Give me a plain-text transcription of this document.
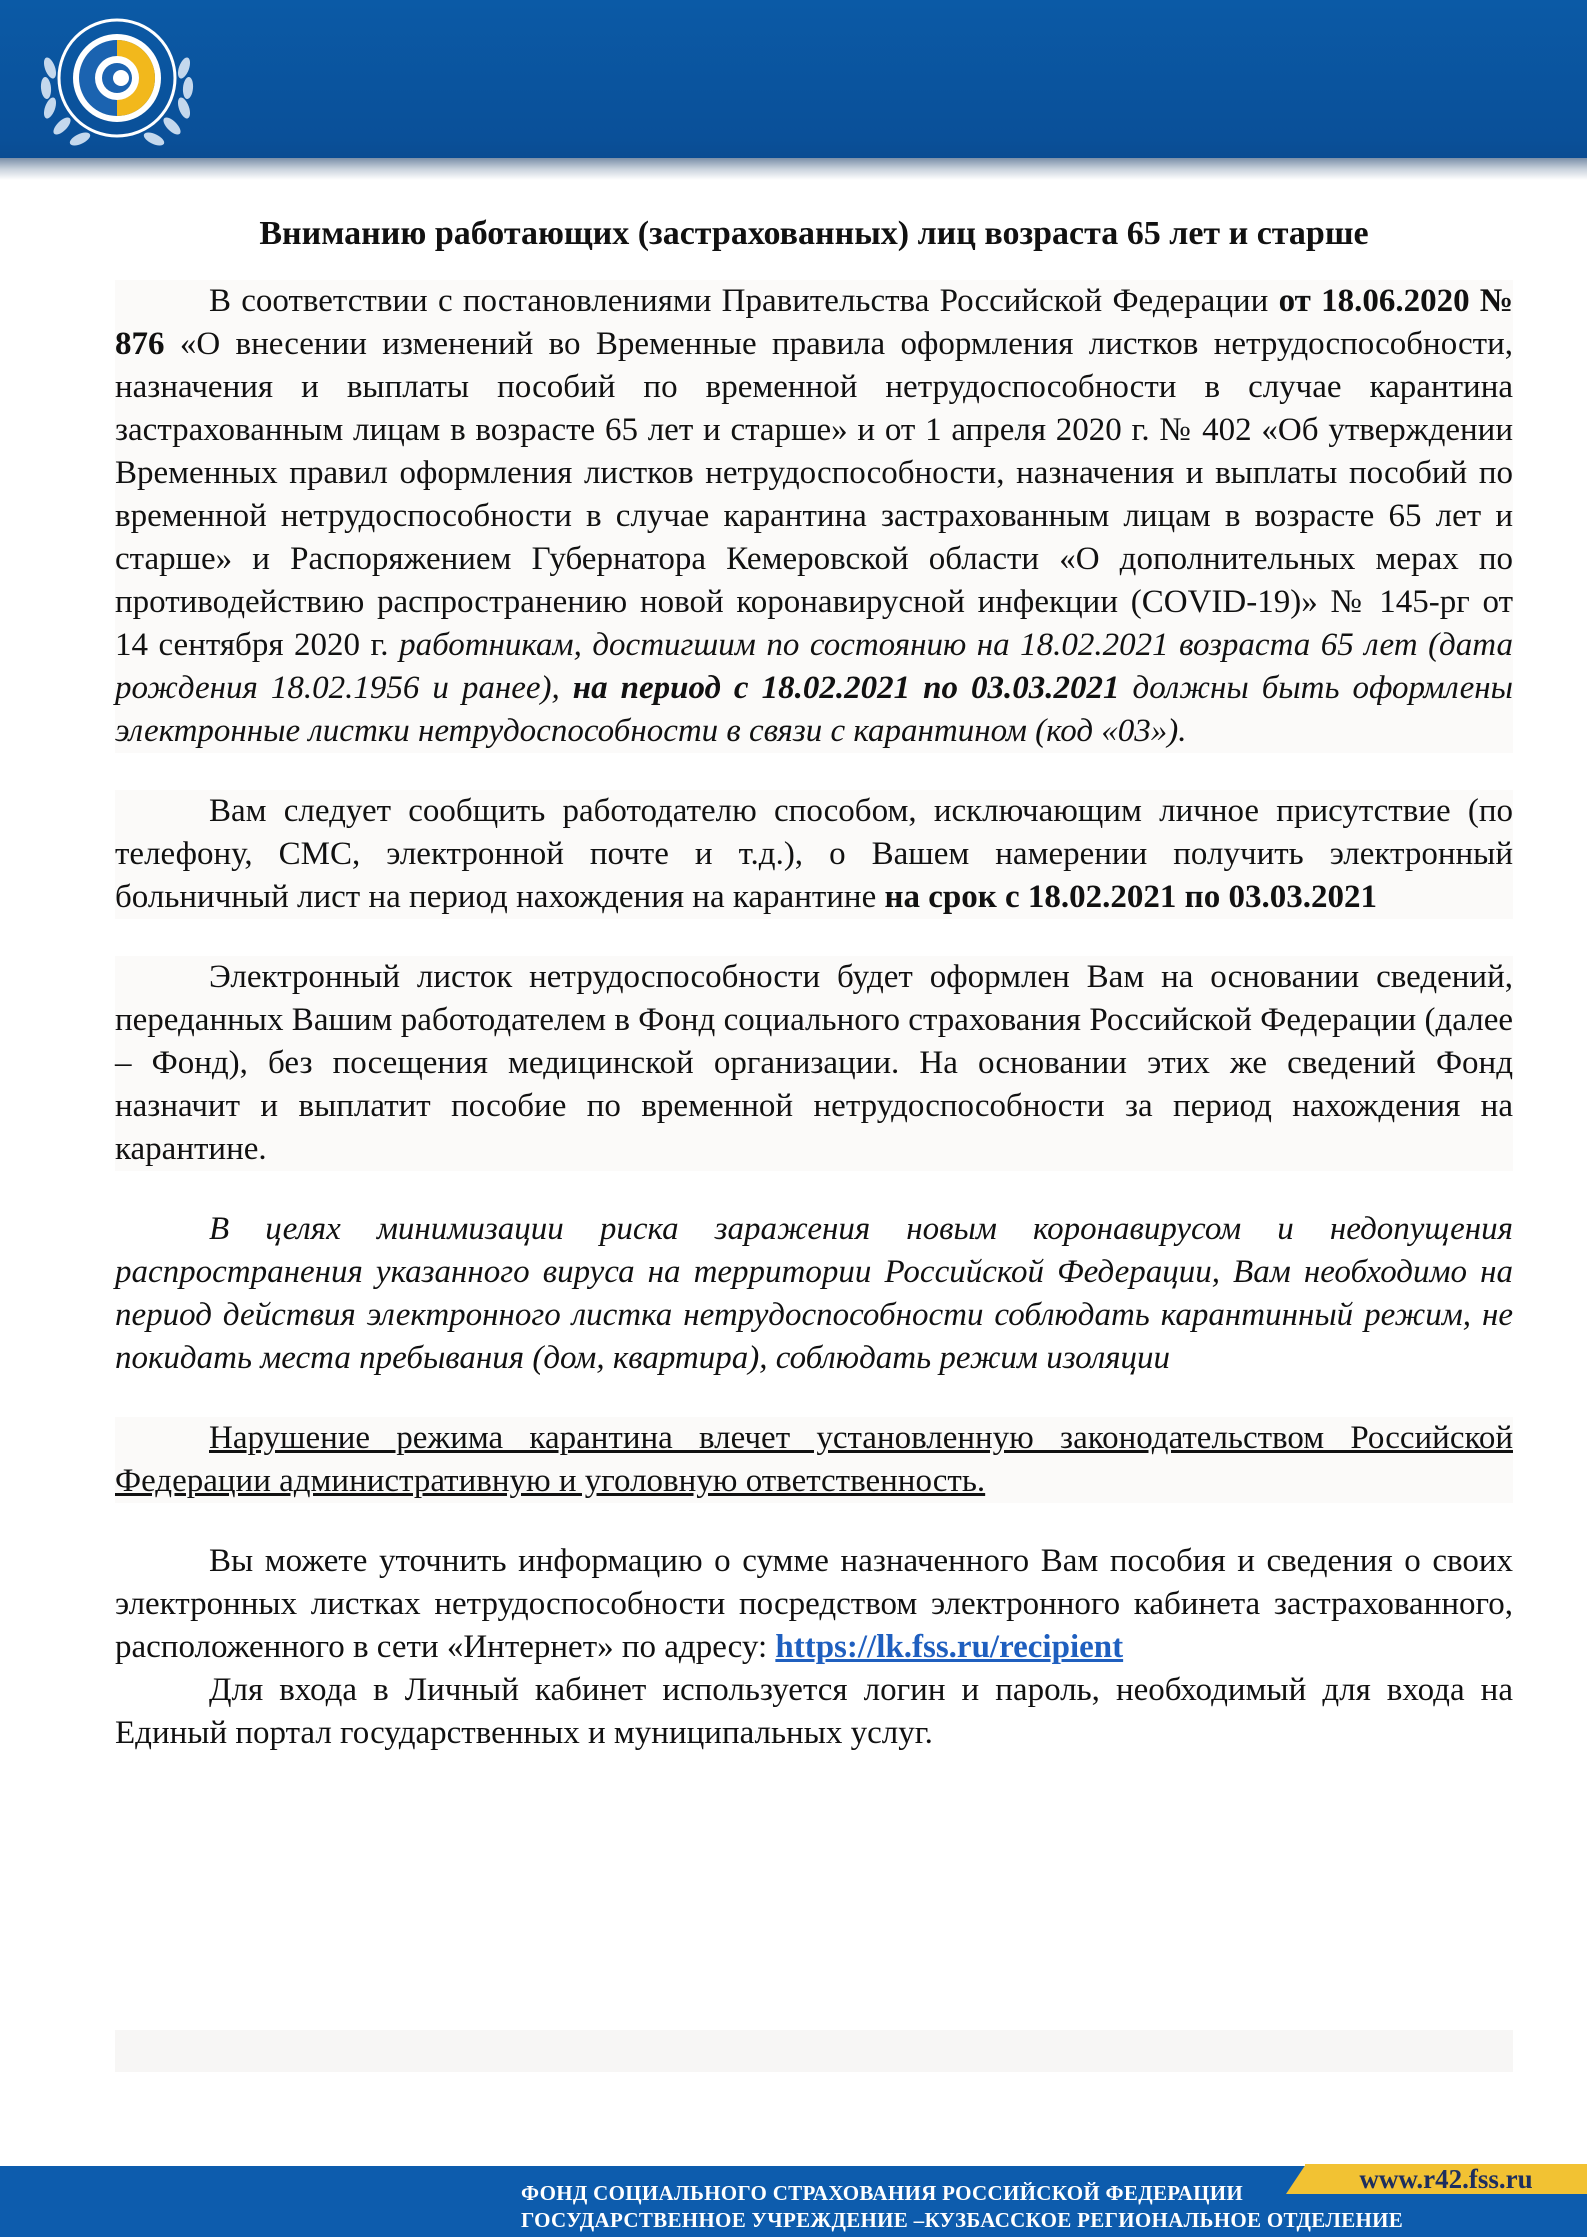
Вниманию работающих (застрахованных) лиц возраста 65 лет и старше

В соответствии с постановлениями Правительства Российской Федерации от 18.06.2020 № 876 «О внесении изменений во Временные правила оформления листков нетрудоспособности, назначения и выплаты пособий по временной нетрудоспособности в случае карантина застрахованным лицам в возрасте 65 лет и старше» и от 1 апреля 2020 г. № 402 «Об утверждении Временных правил оформления листков нетрудоспособности, назначения и выплаты пособий по временной нетрудоспособности в случае карантина застрахованным лицам в возрасте 65 лет и старше» и Распоряжением Губернатора Кемеровской области «О дополнительных мерах по противодействию распространению новой коронавирусной инфекции (COVID-19)» № 145-рг от 14 сентября 2020 г. работникам, достигшим по состоянию на 18.02.2021 возраста 65 лет (дата рождения 18.02.1956 и ранее), на период с 18.02.2021 по 03.03.2021 должны быть оформлены электронные листки нетрудоспособности в связи с карантином (код «03»).

Вам следует сообщить работодателю способом, исключающим личное присутствие (по телефону, СМС, электронной почте и т.д.), о Вашем намерении получить электронный больничный лист на период нахождения на карантине на срок с 18.02.2021 по 03.03.2021

Электронный листок нетрудоспособности будет оформлен Вам на основании сведений, переданных Вашим работодателем в Фонд социального страхования Российской Федерации (далее – Фонд), без посещения медицинской организации. На основании этих же сведений Фонд назначит и выплатит пособие по временной нетрудоспособности за период нахождения на карантине.

В целях минимизации риска заражения новым коронавирусом и недопущения распространения указанного вируса на территории Российской Федерации, Вам необходимо на период действия электронного листка нетрудоспособности соблюдать карантинный режим, не покидать места пребывания (дом, квартира), соблюдать режим изоляции

Нарушение режима карантина влечет установленную законодательством Российской Федерации административную и уголовную ответственность.

Вы можете уточнить информацию о сумме назначенного Вам пособия и сведения о своих электронных листках нетрудоспособности посредством электронного кабинета застрахованного, расположенного в сети «Интернет» по адресу: https://lk.fss.ru/recipient

Для входа в Личный кабинет используется логин и пароль, необходимый для входа на Единый портал государственных и муниципальных услуг.

ФОНД СОЦИАЛЬНОГО СТРАХОВАНИЯ РОССИЙСКОЙ ФЕДЕРАЦИИ
ГОСУДАРСТВЕННОЕ УЧРЕЖДЕНИЕ –КУЗБАССКОЕ РЕГИОНАЛЬНОЕ ОТДЕЛЕНИЕ
www.r42.fss.ru
